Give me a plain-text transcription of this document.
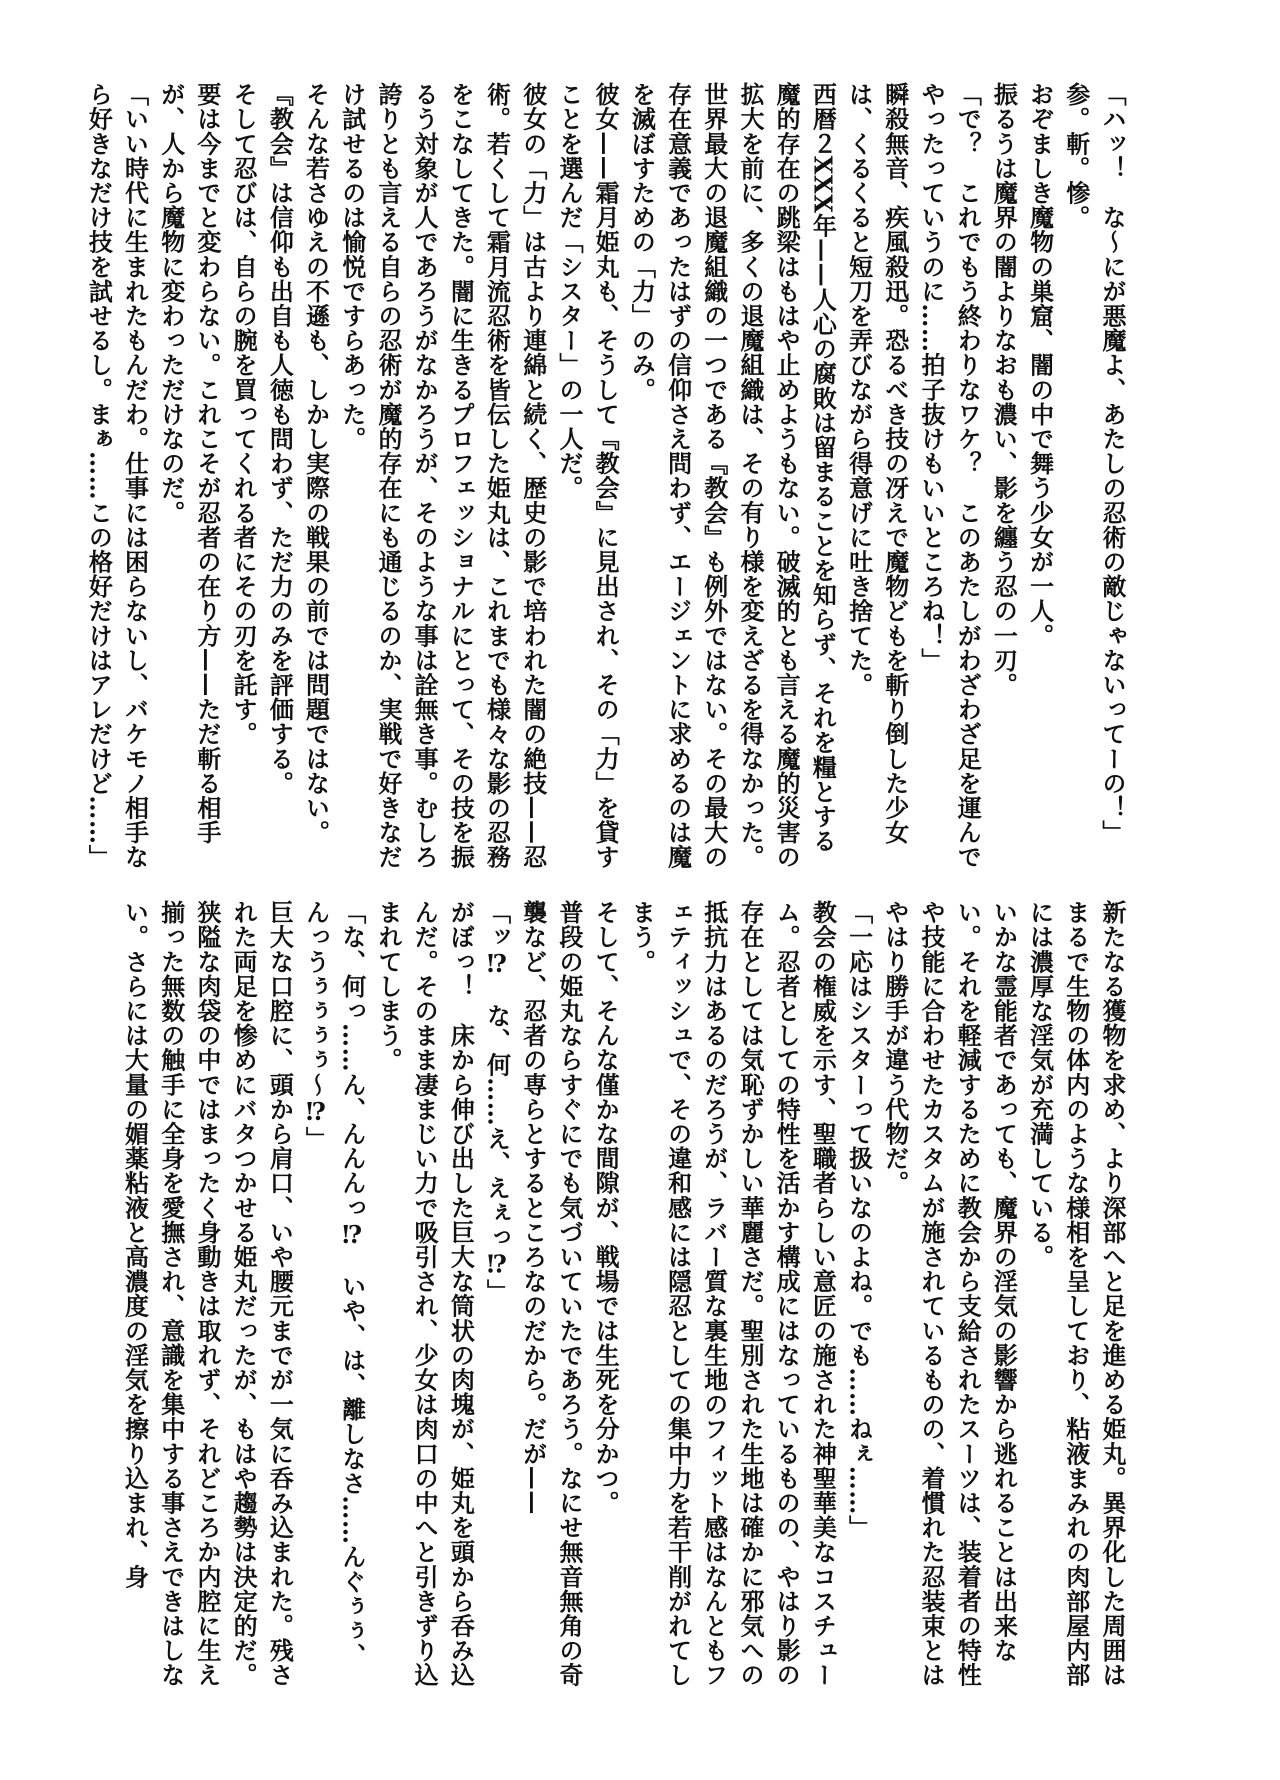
「ハッ！　な〜にが悪魔よ、あたしの忍術の敵じゃないってーの！」

参。斬。惨。

おぞましき魔物の巣窟、闇の中で舞う少女が一人。

振るうは魔界の闇よりなおも濃い、影を纏う忍の一刃。

「で？　これでもう終わりなワケ？　このあたしがわざわざ足を運んでやったっていうのに……拍子抜けもいいところね！」

瞬殺無音、疾風殺迅。恐るべき技の冴えで魔物どもを斬り倒した少女は、くるくると短刀を弄びながら得意げに吐き捨てた。

西暦２XXX年——人心の腐敗は留まることを知らず、それを糧とする魔的存在の跳梁はもはや止めようもない。破滅的とも言える魔的災害の拡大を前に、多くの退魔組織は、その有り様を変えざるを得なかった。

世界最大の退魔組織の一つである『教会』も例外ではない。その最大の存在意義であったはずの信仰さえ問わず、エージェントに求めるのは魔を滅ぼすための「力」のみ。

彼女——霜月姫丸も、そうして『教会』に見出され、その「力」を貸すことを選んだ「シスター」の一人だ。

彼女の「力」は古より連綿と続く、歴史の影で培われた闇の絶技——忍術。若くして霜月流忍術を皆伝した姫丸は、これまでも様々な影の忍務をこなしてきた。闇に生きるプロフェッショナルにとって、その技を振るう対象が人であろうがなかろうが、そのような事は詮無き事。むしろ誇りとも言える自らの忍術が魔的存在にも通じるのか、実戦で好きなだけ試せるのは愉悦ですらあった。

そんな若さゆえの不遜も、しかし実際の戦果の前では問題ではない。『教会』は信仰も出自も人徳も問わず、ただ力のみを評価する。

そして忍びは、自らの腕を買ってくれる者にその刃を託す。

要は今までと変わらない。これこそが忍者の在り方——ただ斬る相手が、人から魔物に変わっただけなのだ。

「いい時代に生まれたもんだわ。仕事には困らないし、バケモノ相手なら好きなだけ技を試せるし。まぁ……この格好だけはアレだけど……」

新たなる獲物を求め、より深部へと足を進める姫丸。異界化した周囲はまるで生物の体内のような様相を呈しており、粘液まみれの肉部屋内部には濃厚な淫気が充満している。

いかな霊能者であっても、魔界の淫気の影響から逃れることは出来ない。それを軽減するために教会から支給されたスーツは、装着者の特性や技能に合わせたカスタムが施されているものの、着慣れた忍装束とはやはり勝手が違う代物だ。

「一応はシスターって扱いなのよね。でも……ねぇ……」

教会の権威を示す、聖職者らしい意匠の施された神聖華美なコスチューム。忍者としての特性を活かす構成にはなっているものの、やはり影の存在としては気恥ずかしい華麗さだ。聖別された生地は確かに邪気への抵抗力はあるのだろうが、ラバー質な裏生地のフィット感はなんともフェティッシュで、その違和感には隠忍としての集中力を若干削がれてしまう。

そして、そんな僅かな間隙が、戦場では生死を分かつ。

普段の姫丸ならすぐにでも気づいていたであろう。なにせ無音無角の奇襲など、忍者の専らとするところなのだから。だが——

「ッ⁉　な、何……え、えぇっ⁉」

がぼっ！　床から伸び出した巨大な筒状の肉塊が、姫丸を頭から呑み込んだ。そのまま凄まじい力で吸引され、少女は肉口の中へと引きずり込まれてしまう。

「な、何っ……ん、んんんっ⁉　いや、は、離しなさ……んぐぅぅ、んっうぅぅぅぅ〜⁉」

巨大な口腔に、頭から肩口、いや腰元までが一気に呑み込まれた。残された両足を惨めにバタつかせる姫丸だったが、もはや趨勢は決定的だ。

狭隘な肉袋の中ではまったく身動きは取れず、それどころか内腔に生え揃った無数の触手に全身を愛撫され、意識を集中する事さえできはしない。さらには大量の媚薬粘液と高濃度の淫気を擦り込まれ、身
